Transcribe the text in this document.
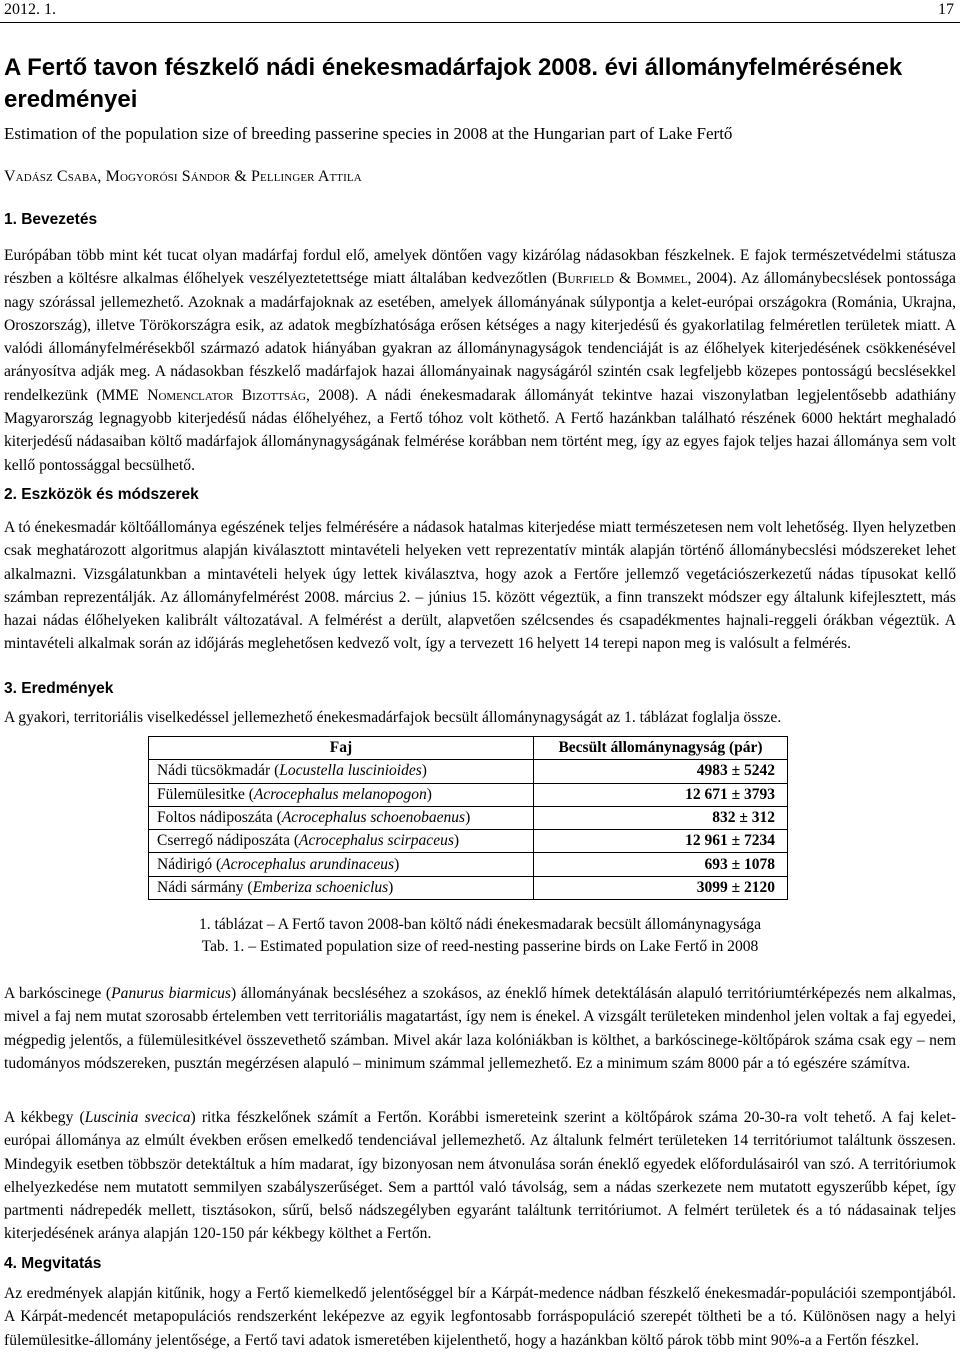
2012. 1.	17
A Fertő tavon fészkelő nádi énekesmadárfajok 2008. évi állományfelmérésének eredményei
Estimation of the population size of breeding passerine species in 2008 at the Hungarian part of Lake Fertő
Vadász Csaba, Mogyorósi Sándor & Pellinger Attila
1. Bevezetés
Európában több mint két tucat olyan madárfaj fordul elő, amelyek döntően vagy kizárólag nádasokban fészkelnek. E fajok természetvédelmi státusza részben a költésre alkalmas élőhelyek veszélyeztetettsége miatt általában kedvezőtlen (Burfield & Bommel, 2004). Az állománybecslések pontossága nagy szórással jellemezhető. Azoknak a madárfajoknak az esetében, amelyek állományának súlypontja a kelet-európai országokra (Románia, Ukrajna, Oroszország), illetve Törökországra esik, az adatok megbízhatósága erősen kétséges a nagy kiterjedésű és gyakorlatilag felméretlen területek miatt. A valódi állományfelmérésekből származó adatok hiányában gyakran az állománynagyságok tendenciáját is az élőhelyek kiterjedésének csökkenésével arányosítva adják meg. A nádasokban fészkelő madárfajok hazai állományainak nagyságáról szintén csak legfeljebb közepes pontosságú becslésekkel rendelkezünk (MME Nomenclator Bizottság, 2008). A nádi énekesmadarak állományát tekintve hazai viszonylatban legjelentősebb adathiány Magyarország legnagyobb kiterjedésű nádas élőhelyéhez, a Fertő tóhoz volt köthető. A Fertő hazánkban található részének 6000 hektárt meghaladó kiterjedésű nádasaiban költő madárfajok állománynagyságának felmérése korábban nem történt meg, így az egyes fajok teljes hazai állománya sem volt kellő pontossággal becsülhető.
2. Eszközök és módszerek
A tó énekesmadár költőállománya egészének teljes felmérésére a nádasok hatalmas kiterjedése miatt természetesen nem volt lehetőség. Ilyen helyzetben csak meghatározott algoritmus alapján kiválasztott mintavételi helyeken vett reprezentatív minták alapján történő állománybecslési módszereket lehet alkalmazni. Vizsgálatunkban a mintavételi helyek úgy lettek kiválasztva, hogy azok a Fertőre jellemző vegetációszerkezetű nádas típusokat kellő számban reprezentálják. Az állományfelmérést 2008. március 2. – június 15. között végeztük, a finn transzekt módszer egy általunk kifejlesztett, más hazai nádas élőhelyeken kalibrált változatával. A felmérést a derült, alapvetően szélcsendes és csapadékmentes hajnali-reggeli órákban végeztük. A mintavételi alkalmak során az időjárás meglehetősen kedvező volt, így a tervezett 16 helyett 14 terepi napon meg is valósult a felmérés.
3. Eredmények
A gyakori, territoriális viselkedéssel jellemezhető énekesmadárfajok becsült állománynagyságát az 1. táblázat foglalja össze.
Faj	Becsült állománynagyság (pár)
Nádi tücsökmadár (Locustella luscinioides)	4983 ± 5242
Fülemülesitke (Acrocephalus melanopogon)	12 671 ± 3793
Foltos nádiposzáta (Acrocephalus schoenobaenus)	832 ± 312
Cserregő nádiposzáta (Acrocephalus scirpaceus)	12 961 ± 7234
Nádirigó (Acrocephalus arundinaceus)	693 ± 1078
Nádi sármány (Emberiza schoeniclus)	3099 ± 2120
1. táblázat – A Fertő tavon 2008-ban költő nádi énekesmadarak becsült állománynagysága
Tab. 1. – Estimated population size of reed-nesting passerine birds on Lake Fertő in 2008
A barkóscinege (Panurus biarmicus) állományának becsléséhez a szokásos, az éneklő hímek detektálásán alapuló territóriumtérképezés nem alkalmas, mivel a faj nem mutat szorosabb értelemben vett territoriális magatartást, így nem is énekel. A vizsgált területeken mindenhol jelen voltak a faj egyedei, mégpedig jelentős, a fülemülesitkével összevethető számban. Mivel akár laza kolóniákban is költhet, a barkóscinege-költőpárok száma csak egy – nem tudományos módszereken, pusztán megérzésen alapuló – minimum számmal jellemezhető. Ez a minimum szám 8000 pár a tó egészére számítva.
A kékbegy (Luscinia svecica) ritka fészkelőnek számít a Fertőn. Korábbi ismereteink szerint a költőpárok száma 20-30-ra volt tehető. A faj kelet-európai állománya az elmúlt években erősen emelkedő tendenciával jellemezhető. Az általunk felmért területeken 14 territóriumot találtunk összesen. Mindegyik esetben többször detektáltuk a hím madarat, így bizonyosan nem átvonulása során éneklő egyedek előfordulásairól van szó. A territóriumok elhelyezkedése nem mutatott semmilyen szabályszerűséget. Sem a parttól való távolság, sem a nádas szerkezete nem mutatott egyszerűbb képet, így partmenti nádrepedék mellett, tisztásokon, sűrű, belső nádszegélyben egyaránt találtunk territóriumot. A felmért területek és a tó nádasainak teljes kiterjedésének aránya alapján 120-150 pár kékbegy költhet a Fertőn.
4. Megvitatás
Az eredmények alapján kitűnik, hogy a Fertő kiemelkedő jelentőséggel bír a Kárpát-medence nádban fészkelő énekesmadár-populációi szempontjából. A Kárpát-medencét metapopulációs rendszerként leképezve az egyik legfontosabb forráspopuláció szerepét töltheti be a tó. Különösen nagy a helyi fülemülesitke-állomány jelentősége, a Fertő tavi adatok ismeretében kijelenthető, hogy a hazánkban költő párok több mint 90%-a a Fertőn fészkel.
